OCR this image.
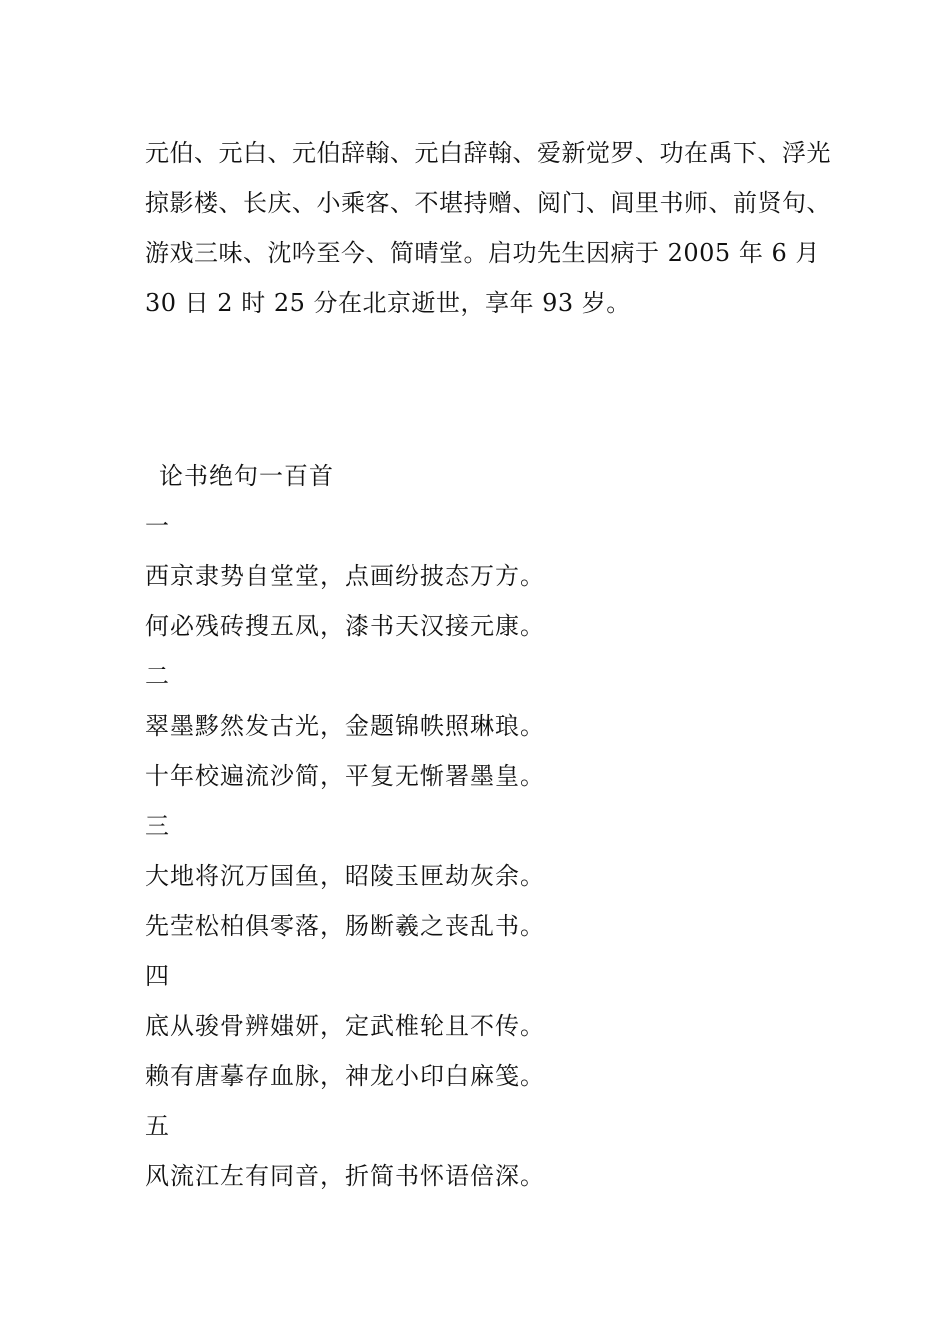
元伯、元白、元伯辞翰、元白辞翰、爱新觉罗、功在禹下、浮光

掠影楼、长庆、小乘客、不堪持赠、阅门、闾里书师、前贤句、

游戏三味、沈吟至今、简晴堂。启功先生因病于 2005 年 6 月

30 日 2 时 25 分在北京逝世，享年 93 岁。

论书绝句一百首

一

西京隶势自堂堂，点画纷披态万方。

何必残砖搜五凤，漆书天汉接元康。

二

翠墨黟然发古光，金题锦帙照琳琅。

十年校遍流沙简，平复无惭署墨皇。

三

大地将沉万国鱼，昭陵玉匣劫灰余。

先茔松柏俱零落，肠断羲之丧乱书。

四

底从骏骨辨媸妍，定武椎轮且不传。

赖有唐摹存血脉，神龙小印白麻笺。

五

风流江左有同音，折简书怀语倍深。
